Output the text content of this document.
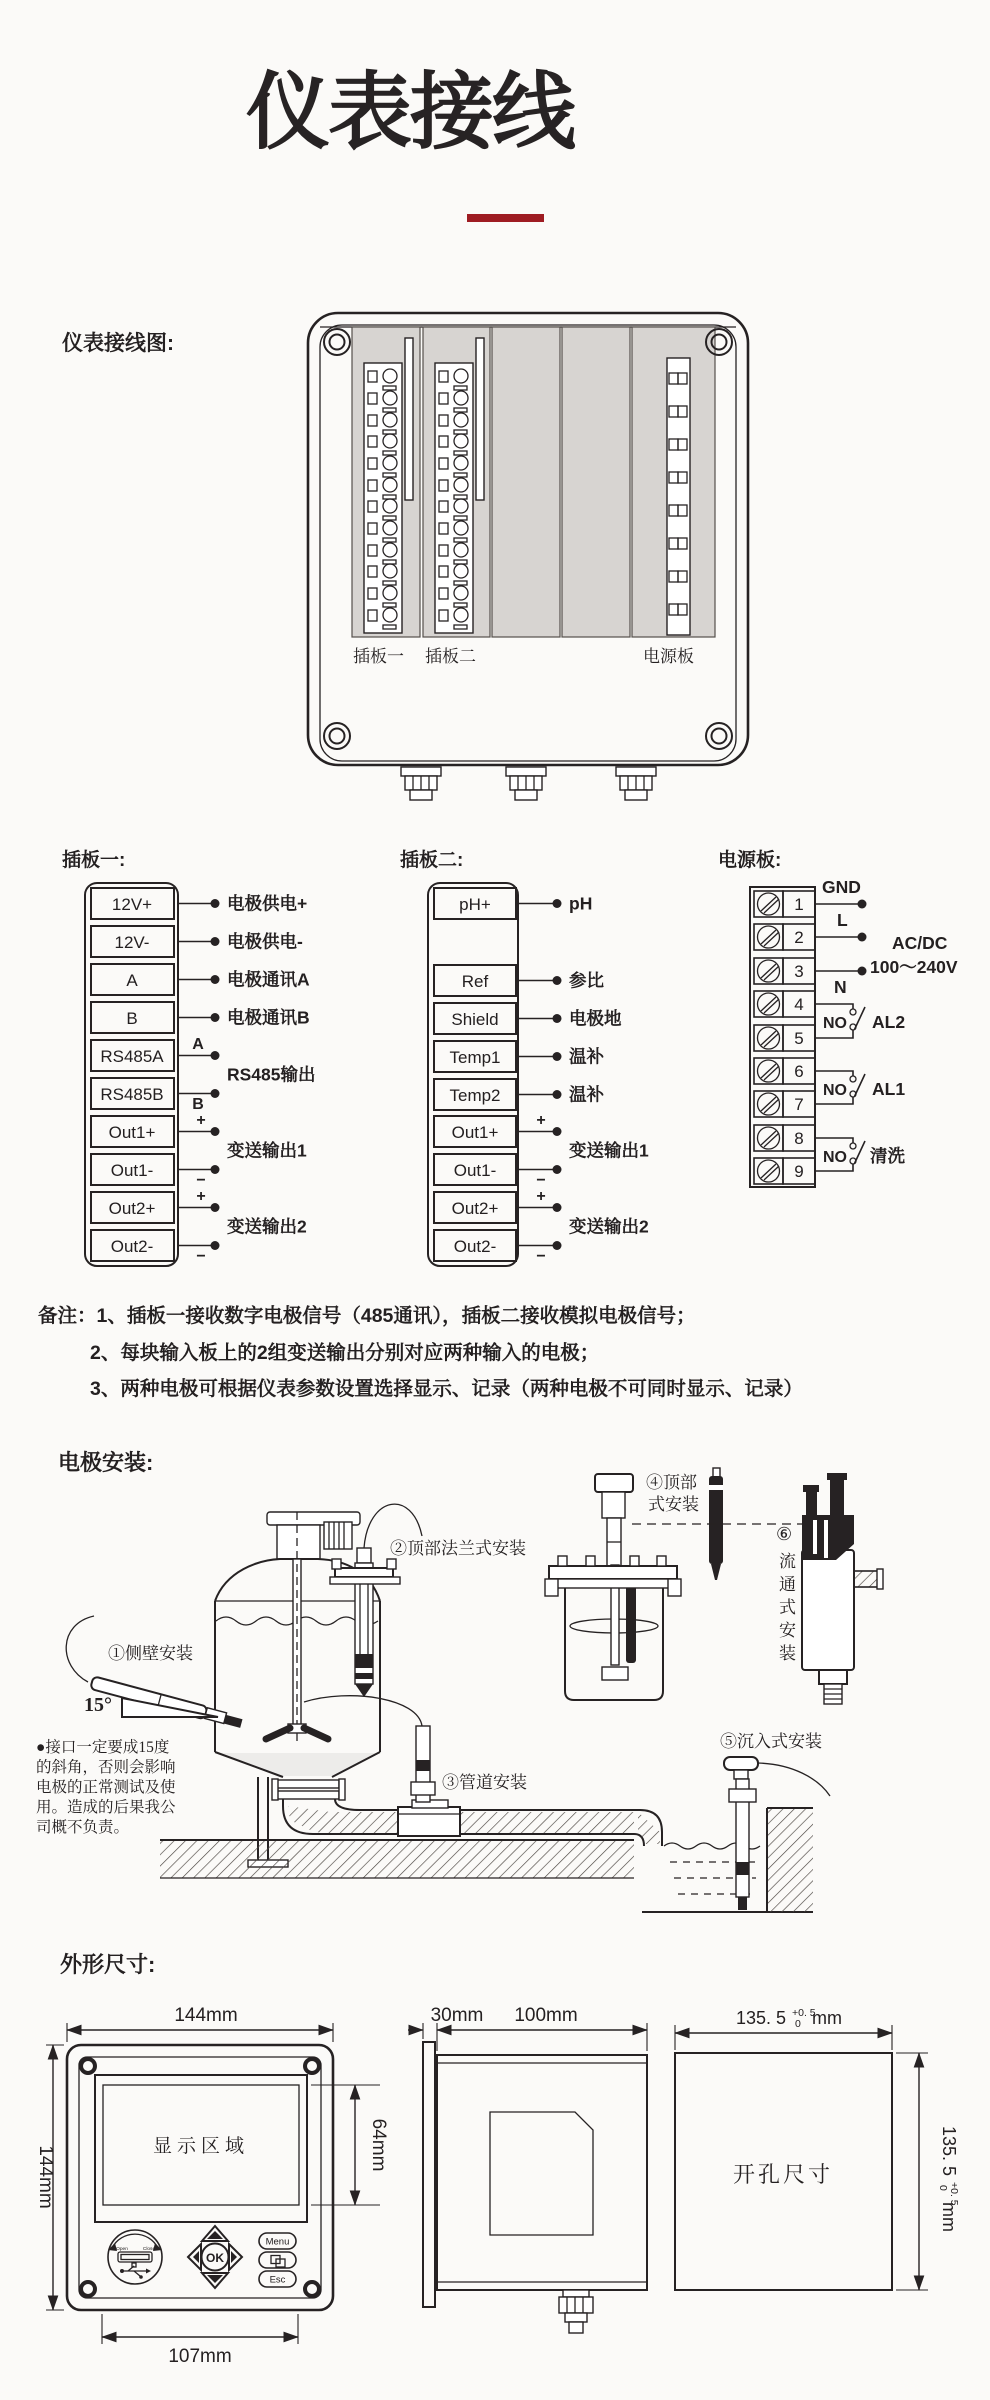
仪表接线
仪表接线图:
插板一 插板二	电源板
插板一:
12V+
12V-
A
B
RS485A
RS485B
Out1+
Out1-
Out2+
Out2-
A
B
+
−
+
−
电极供电+
电极供电-
电极通讯A
电极通讯B
RS485输出
变送输出1
变送输出2
插板二:
pH+
Ref
Shield
Temp1
Temp2
Out1+
Out1-
Out2+
Out2-
+
−
+
−
pH
参比
电极地
温补
温补
变送输出1
变送输出2
电源板:
1
2
3
4
5
6
7
8
9
GND
L
N
AC/DC
100～240V
NO AL2
NO AL1
NO 清洗
备注：1、插板一接收数字电极信号（485通讯），插板二接收模拟电极信号；
2、每块输入板上的2组变送输出分别对应两种输入的电极；
3、两种电极可根据仪表参数设置选择显示、记录（两种电极不可同时显示、记录）
电极安装:
③管道安装
⑤沉入式安装
④顶部
式安装
⑥
流
通
式
安
装
②顶部法兰式安装
①侧壁安装
15°
●接口一定要成15度
的斜角，否则会影响
电极的正常测试及使
用。造成的后果我公
司概不负责。
外形尺寸:
显示区域
Open	Close
OK
Menu
Esc
144mm
144mm
64mm
107mm
30mm 100mm
开孔尺寸
135. 5 +0. 5
0 mm
135. 5
+0. 5
0
mm
